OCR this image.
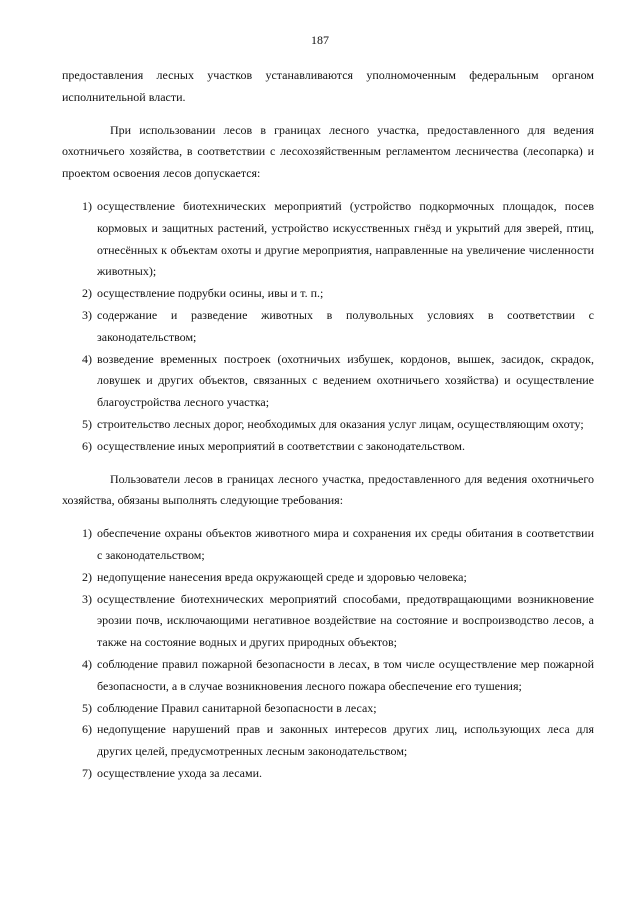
187

предоставления лесных участков устанавливаются уполномоченным федеральным органом исполнительной власти.

При использовании лесов в границах лесного участка, предоставленного для ведения охотничьего хозяйства, в соответствии с лесохозяйственным регламентом лесничества (лесопарка) и проектом освоения лесов допускается:

1) осуществление биотехнических мероприятий (устройство подкормочных площадок, посев кормовых и защитных растений, устройство искусственных гнёзд и укрытий для зверей, птиц, отнесённых к объектам охоты и другие мероприятия, направленные на увеличение численности животных);
2) осуществление подрубки осины, ивы и т. п.;
3) содержание и разведение животных в полувольных условиях в соответствии с законодательством;
4) возведение временных построек (охотничьих избушек, кордонов, вышек, засидок, скрадок, ловушек и других объектов, связанных с ведением охотничьего хозяйства) и осуществление благоустройства лесного участка;
5) строительство лесных дорог, необходимых для оказания услуг лицам, осуществляющим охоту;
6) осуществление иных мероприятий в соответствии с законодательством.

Пользователи лесов в границах лесного участка, предоставленного для ведения охотничьего хозяйства, обязаны выполнять следующие требования:

1) обеспечение охраны объектов животного мира и сохранения их среды обитания в соответствии с законодательством;
2) недопущение нанесения вреда окружающей среде и здоровью человека;
3) осуществление биотехнических мероприятий способами, предотвращающими возникновение эрозии почв, исключающими негативное воздействие на состояние и воспроизводство лесов, а также на состояние водных и других природных объектов;
4) соблюдение правил пожарной безопасности в лесах, в том числе осуществление мер пожарной безопасности, а в случае возникновения лесного пожара обеспечение его тушения;
5) соблюдение Правил санитарной безопасности в лесах;
6) недопущение нарушений прав и законных интересов других лиц, использующих леса для других целей, предусмотренных лесным законодательством;
7) осуществление ухода за лесами.
